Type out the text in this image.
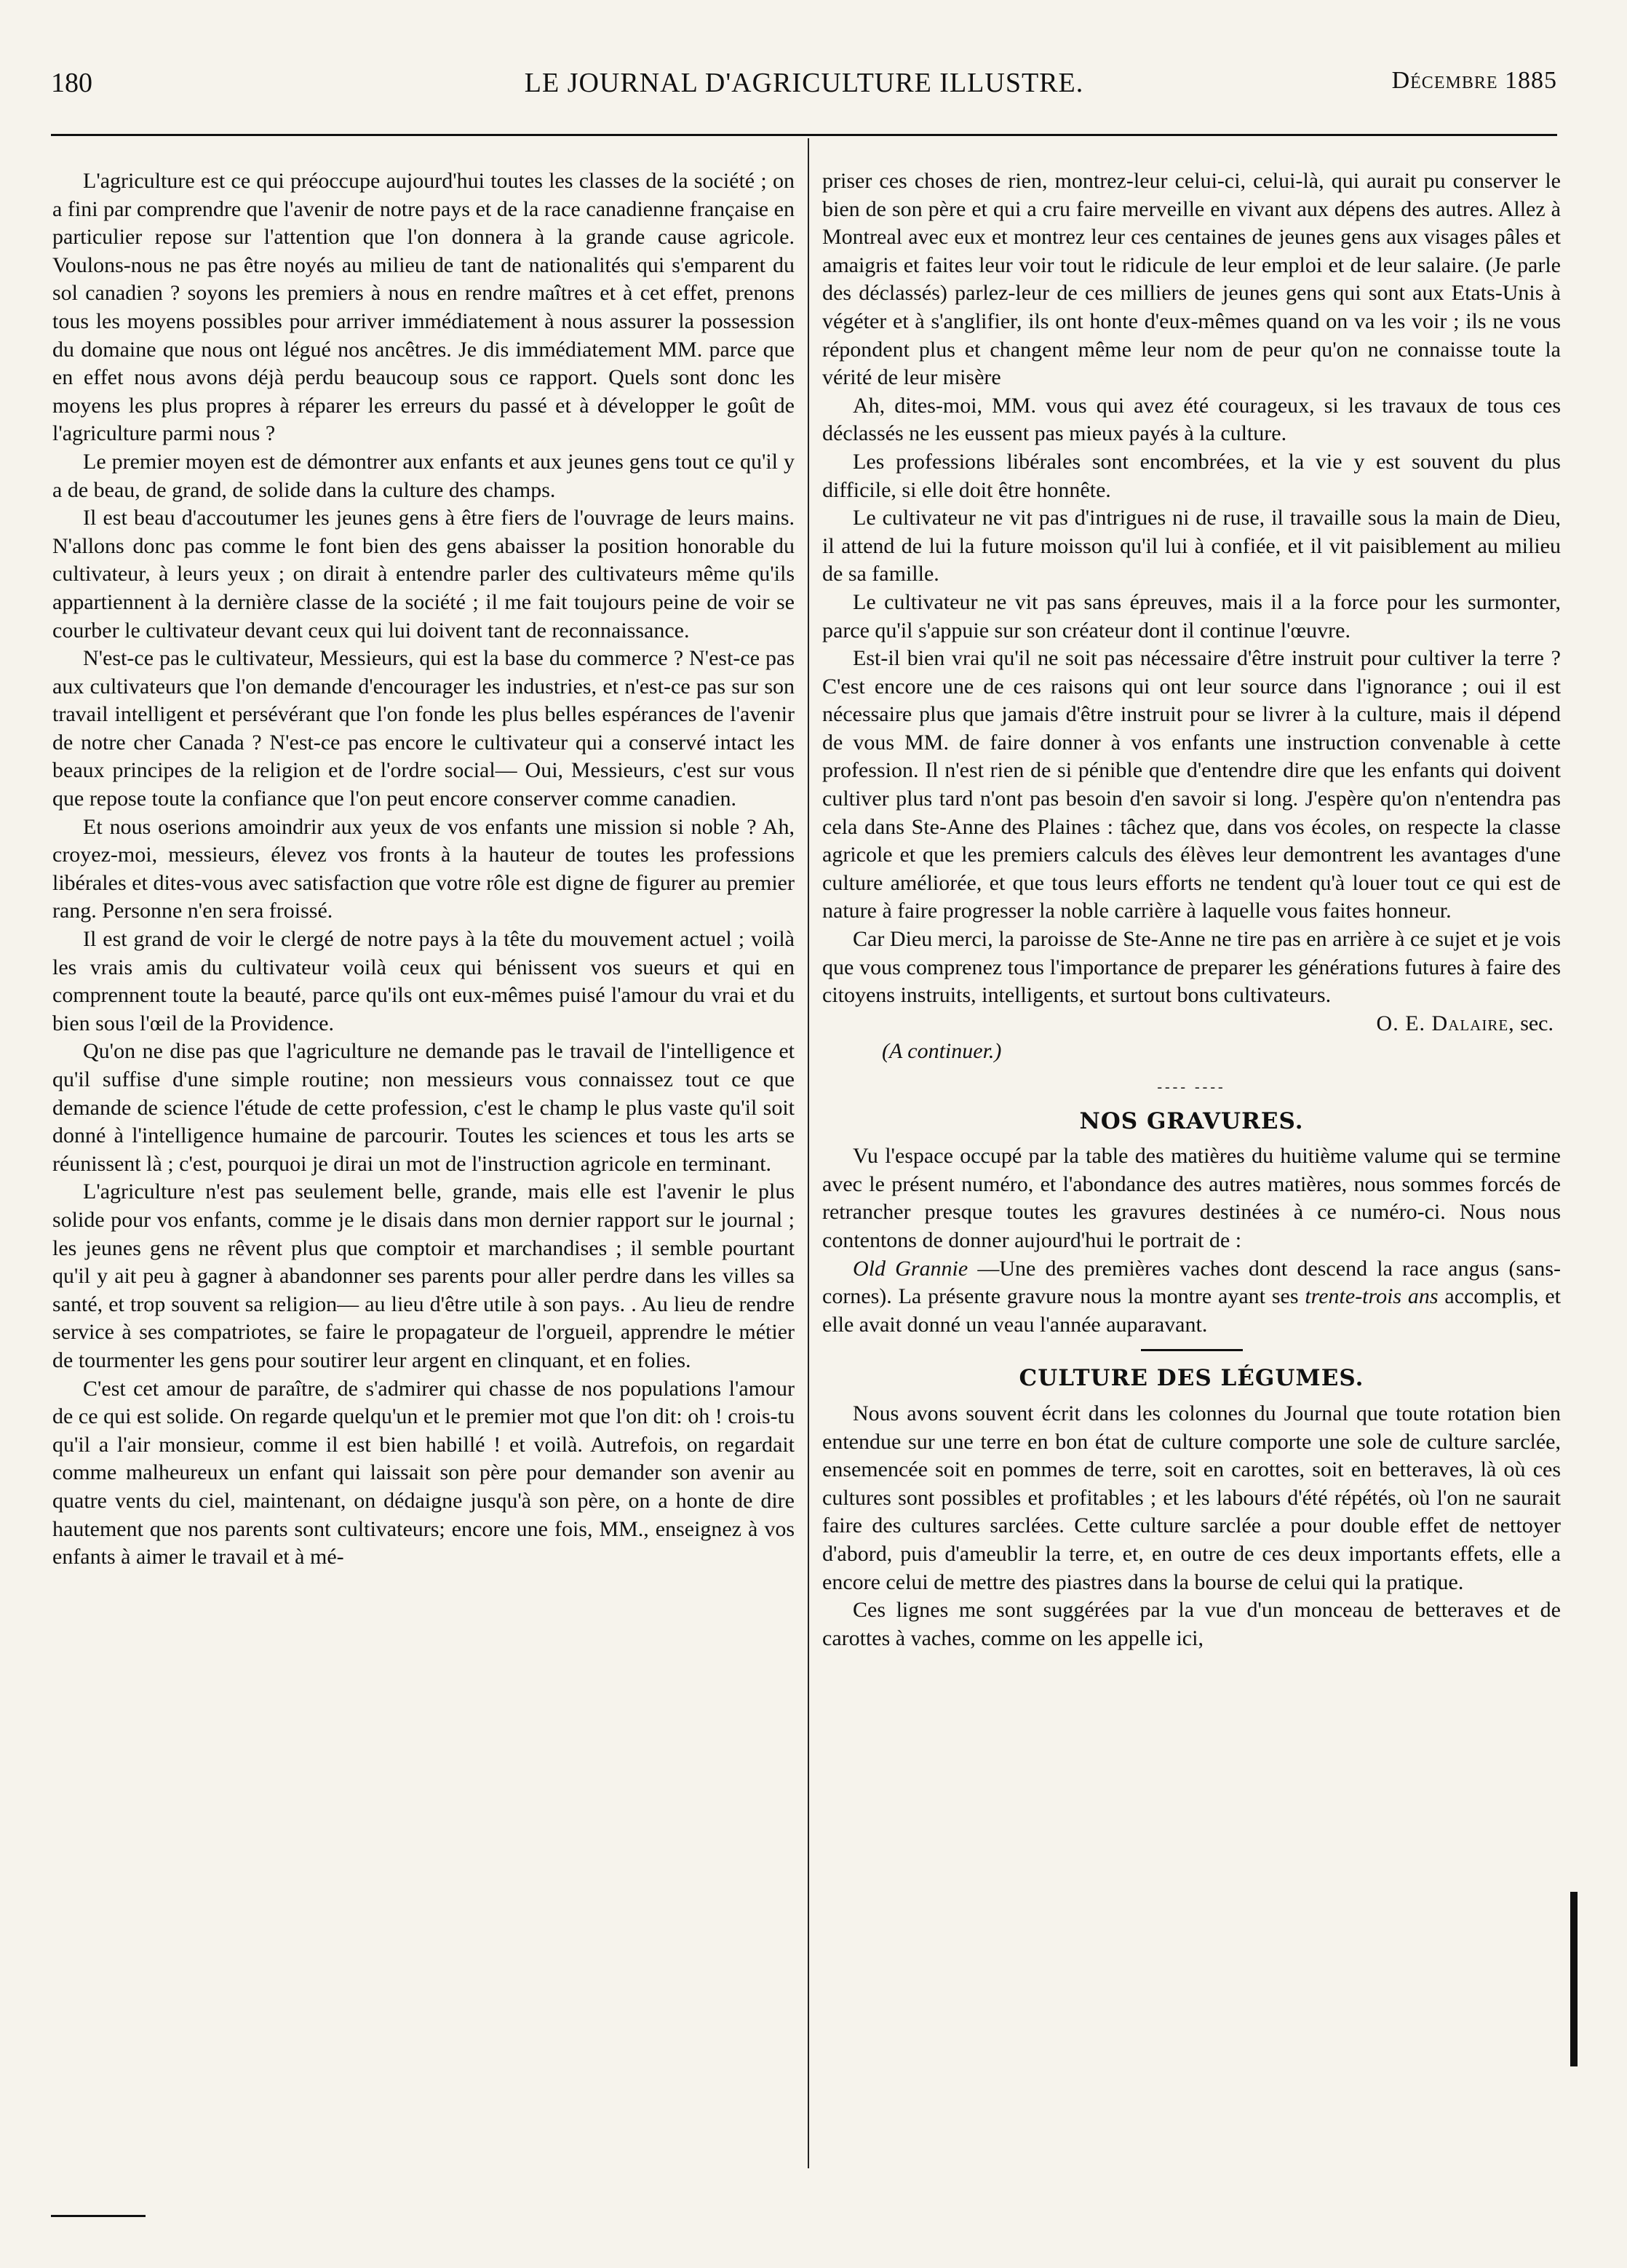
180	LE JOURNAL D'AGRICULTURE ILLUSTRE.	Décembre 1885

L'agriculture est ce qui préoccupe aujourd'hui toutes les classes de la société ; on a fini par comprendre que l'avenir de notre pays et de la race canadienne française en particulier repose sur l'attention que l'on donnera à la grande cause agricole. Voulons-nous ne pas être noyés au milieu de tant de nationalités qui s'emparent du sol canadien ? soyons les premiers à nous en rendre maîtres et à cet effet, prenons tous les moyens possibles pour arriver immédiatement à nous assurer la possession du domaine que nous ont légué nos ancêtres. Je dis immédiatement MM. parce que en effet nous avons déjà perdu beaucoup sous ce rapport. Quels sont donc les moyens les plus propres à réparer les erreurs du passé et à développer le goût de l'agriculture parmi nous ?

Le premier moyen est de démontrer aux enfants et aux jeunes gens tout ce qu'il y a de beau, de grand, de solide dans la culture des champs.

Il est beau d'accoutumer les jeunes gens à être fiers de l'ouvrage de leurs mains. N'allons donc pas comme le font bien des gens abaisser la position honorable du cultivateur, à leurs yeux ; on dirait à entendre parler des cultivateurs même qu'ils appartiennent à la dernière classe de la société ; il me fait toujours peine de voir se courber le cultivateur devant ceux qui lui doivent tant de reconnaissance.

N'est-ce pas le cultivateur, Messieurs, qui est la base du commerce ? N'est-ce pas aux cultivateurs que l'on demande d'encourager les industries, et n'est-ce pas sur son travail intelligent et persévérant que l'on fonde les plus belles espérances de l'avenir de notre cher Canada ? N'est-ce pas encore le cultivateur qui a conservé intact les beaux principes de la religion et de l'ordre social— Oui, Messieurs, c'est sur vous que repose toute la confiance que l'on peut encore conserver comme canadien.

Et nous oserions amoindrir aux yeux de vos enfants une mission si noble ? Ah, croyez-moi, messieurs, élevez vos fronts à la hauteur de toutes les professions libérales et dites-vous avec satisfaction que votre rôle est digne de figurer au premier rang. Personne n'en sera froissé.

Il est grand de voir le clergé de notre pays à la tête du mouvement actuel ; voilà les vrais amis du cultivateur voilà ceux qui bénissent vos sueurs et qui en comprennent toute la beauté, parce qu'ils ont eux-mêmes puisé l'amour du vrai et du bien sous l'œil de la Providence.

Qu'on ne dise pas que l'agriculture ne demande pas le travail de l'intelligence et qu'il suffise d'une simple routine; non messieurs vous connaissez tout ce que demande de science l'étude de cette profession, c'est le champ le plus vaste qu'il soit donné à l'intelligence humaine de parcourir. Toutes les sciences et tous les arts se réunissent là ; c'est, pourquoi je dirai un mot de l'instruction agricole en terminant.

L'agriculture n'est pas seulement belle, grande, mais elle est l'avenir le plus solide pour vos enfants, comme je le disais dans mon dernier rapport sur le journal ; les jeunes gens ne rêvent plus que comptoir et marchandises ; il semble pourtant qu'il y ait peu à gagner à abandonner ses parents pour aller perdre dans les villes sa santé, et trop souvent sa religion— au lieu d'être utile à son pays. . Au lieu de rendre service à ses compatriotes, se faire le propagateur de l'orgueil, apprendre le métier de tourmenter les gens pour soutirer leur argent en clinquant, et en folies.

C'est cet amour de paraître, de s'admirer qui chasse de nos populations l'amour de ce qui est solide. On regarde quelqu'un et le premier mot que l'on dit: oh ! crois-tu qu'il a l'air monsieur, comme il est bien habillé ! et voilà. Autrefois, on regardait comme malheureux un enfant qui laissait son père pour demander son avenir au quatre vents du ciel, maintenant, on dédaigne jusqu'à son père, on a honte de dire hautement que nos parents sont cultivateurs; encore une fois, MM., enseignez à vos enfants à aimer le travail et à mé-

priser ces choses de rien, montrez-leur celui-ci, celui-là, qui aurait pu conserver le bien de son père et qui a cru faire merveille en vivant aux dépens des autres. Allez à Montreal avec eux et montrez leur ces centaines de jeunes gens aux visages pâles et amaigris et faites leur voir tout le ridicule de leur emploi et de leur salaire. (Je parle des déclassés) parlez-leur de ces milliers de jeunes gens qui sont aux Etats-Unis à végéter et à s'anglifier, ils ont honte d'eux-mêmes quand on va les voir ; ils ne vous répondent plus et changent même leur nom de peur qu'on ne connaisse toute la vérité de leur misère

Ah, dites-moi, MM. vous qui avez été courageux, si les travaux de tous ces déclassés ne les eussent pas mieux payés à la culture.

Les professions libérales sont encombrées, et la vie y est souvent du plus difficile, si elle doit être honnête.

Le cultivateur ne vit pas d'intrigues ni de ruse, il travaille sous la main de Dieu, il attend de lui la future moisson qu'il lui à confiée, et il vit paisiblement au milieu de sa famille.

Le cultivateur ne vit pas sans épreuves, mais il a la force pour les surmonter, parce qu'il s'appuie sur son créateur dont il continue l'œuvre.

Est-il bien vrai qu'il ne soit pas nécessaire d'être instruit pour cultiver la terre ? C'est encore une de ces raisons qui ont leur source dans l'ignorance ; oui il est nécessaire plus que jamais d'être instruit pour se livrer à la culture, mais il dépend de vous MM. de faire donner à vos enfants une instruction convenable à cette profession. Il n'est rien de si pénible que d'entendre dire que les enfants qui doivent cultiver plus tard n'ont pas besoin d'en savoir si long. J'espère qu'on n'entendra pas cela dans Ste-Anne des Plaines : tâchez que, dans vos écoles, on respecte la classe agricole et que les premiers calculs des élèves leur demontrent les avantages d'une culture améliorée, et que tous leurs efforts ne tendent qu'à louer tout ce qui est de nature à faire progresser la noble carrière à laquelle vous faites honneur.

Car Dieu merci, la paroisse de Ste-Anne ne tire pas en arrière à ce sujet et je vois que vous comprenez tous l'importance de preparer les générations futures à faire des citoyens instruits, intelligents, et surtout bons cultivateurs.

O. E. Dalaire, sec.

(A continuer.)

---- ----
NOS GRAVURES.

Vu l'espace occupé par la table des matières du huitième valume qui se termine avec le présent numéro, et l'abondance des autres matières, nous sommes forcés de retrancher presque toutes les gravures destinées à ce numéro-ci. Nous nous contentons de donner aujourd'hui le portrait de :

Old Grannie —Une des premières vaches dont descend la race angus (sans-cornes). La présente gravure nous la montre ayant ses trente-trois ans accomplis, et elle avait donné un veau l'année auparavant.

CULTURE DES LÉGUMES.

Nous avons souvent écrit dans les colonnes du Journal que toute rotation bien entendue sur une terre en bon état de culture comporte une sole de culture sarclée, ensemencée soit en pommes de terre, soit en carottes, soit en betteraves, là où ces cultures sont possibles et profitables ; et les labours d'été répétés, où l'on ne saurait faire des cultures sarclées. Cette culture sarclée a pour double effet de nettoyer d'abord, puis d'ameublir la terre, et, en outre de ces deux importants effets, elle a encore celui de mettre des piastres dans la bourse de celui qui la pratique.

Ces lignes me sont suggérées par la vue d'un monceau de betteraves et de carottes à vaches, comme on les appelle ici,
